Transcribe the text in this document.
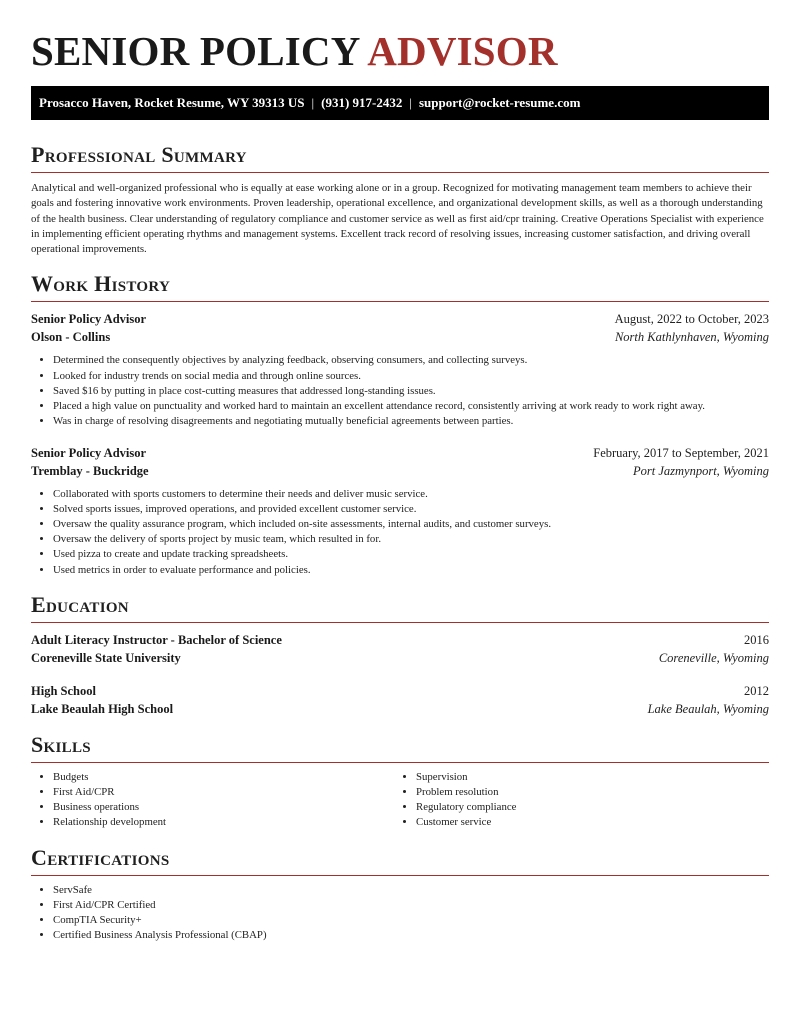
SENIOR POLICY ADVISOR
Prosacco Haven, Rocket Resume, WY 39313 US | (931) 917-2432 | support@rocket-resume.com
Professional Summary

Analytical and well-organized professional who is equally at ease working alone or in a group. Recognized for motivating management team members to achieve their goals and fostering innovative work environments. Proven leadership, operational excellence, and organizational development skills, as well as a thorough understanding of the health business. Clear understanding of regulatory compliance and customer service as well as first aid/cpr training. Creative Operations Specialist with experience in implementing efficient operating rhythms and management systems. Excellent track record of resolving issues, increasing customer satisfaction, and driving overall operational improvements.

Work History
Senior Policy Advisor	August, 2022 to October, 2023
Olson - Collins	North Kathlynhaven, Wyoming
• Determined the consequently objectives by analyzing feedback, observing consumers, and collecting surveys.
• Looked for industry trends on social media and through online sources.
• Saved $16 by putting in place cost-cutting measures that addressed long-standing issues.
• Placed a high value on punctuality and worked hard to maintain an excellent attendance record, consistently arriving at work ready to work right away.
• Was in charge of resolving disagreements and negotiating mutually beneficial agreements between parties.
Senior Policy Advisor	February, 2017 to September, 2021
Tremblay - Buckridge	Port Jazmynport, Wyoming
• Collaborated with sports customers to determine their needs and deliver music service.
• Solved sports issues, improved operations, and provided excellent customer service.
• Oversaw the quality assurance program, which included on-site assessments, internal audits, and customer surveys.
• Oversaw the delivery of sports project by music team, which resulted in for.
• Used pizza to create and update tracking spreadsheets.
• Used metrics in order to evaluate performance and policies.
Education
Adult Literacy Instructor - Bachelor of Science	2016
Coreneville State University	Coreneville, Wyoming
High School	2012
Lake Beaulah High School	Lake Beaulah, Wyoming
Skills
• Budgets
• First Aid/CPR
• Business operations
• Relationship development
• Supervision
• Problem resolution
• Regulatory compliance
• Customer service
Certifications
• ServSafe
• First Aid/CPR Certified
• CompTIA Security+
• Certified Business Analysis Professional (CBAP)
